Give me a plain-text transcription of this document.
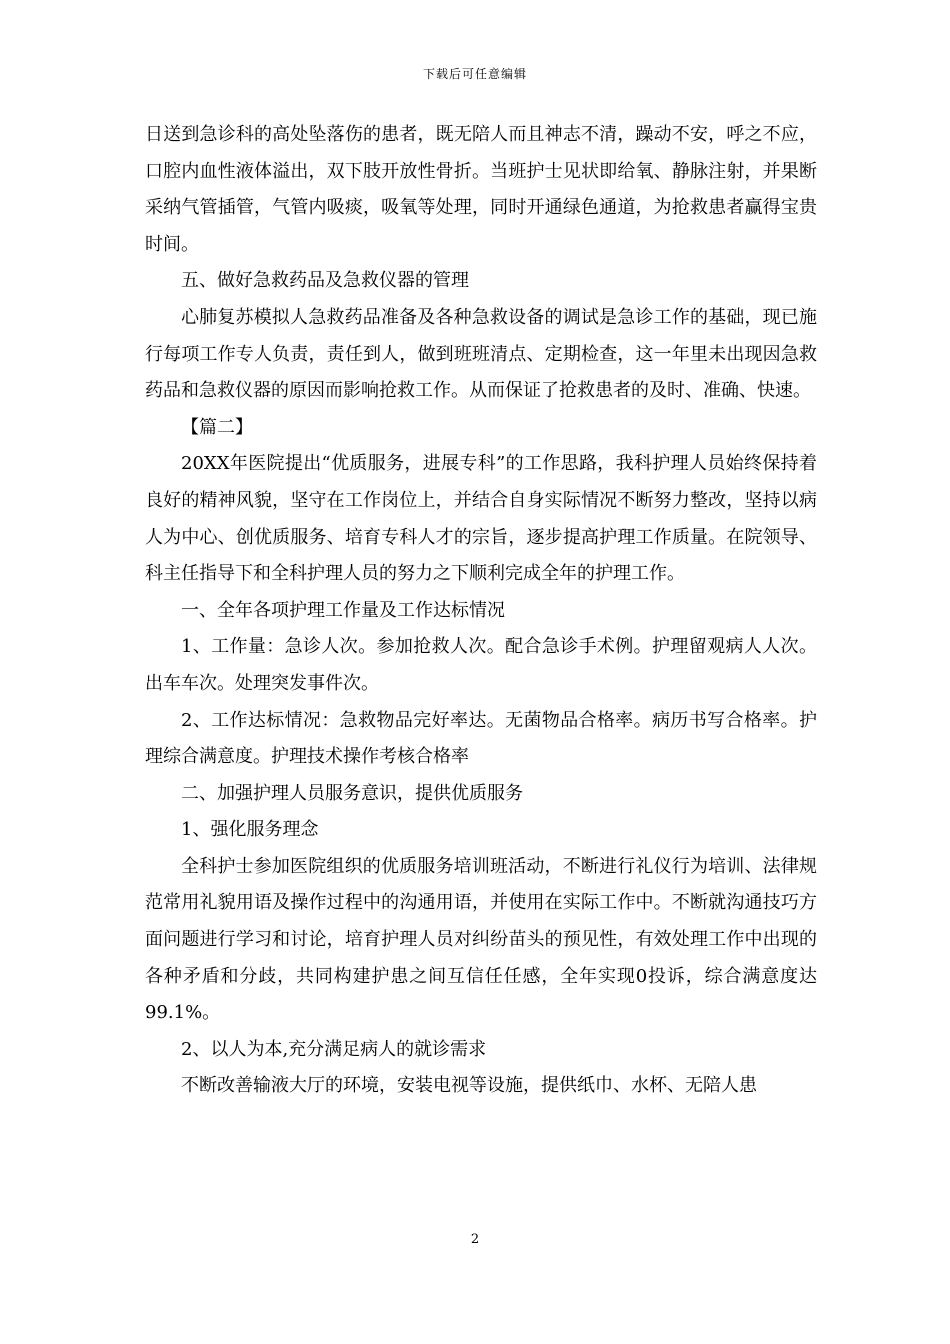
下载后可任意编辑

日送到急诊科的高处坠落伤的患者，既无陪人而且神志不清，躁动不安，呼之不应，口腔内血性液体溢出，双下肢开放性骨折。当班护士见状即给氧、静脉注射，并果断采纳气管插管，气管内吸痰，吸氧等处理，同时开通绿色通道，为抢救患者赢得宝贵时间。

五、做好急救药品及急救仪器的管理

心肺复苏模拟人急救药品准备及各种急救设备的调试是急诊工作的基础，现已施行每项工作专人负责，责任到人，做到班班清点、定期检查，这一年里未出现因急救药品和急救仪器的原因而影响抢救工作。从而保证了抢救患者的及时、准确、快速。

【篇二】

20XX年医院提出“优质服务，进展专科”的工作思路，我科护理人员始终保持着良好的精神风貌，坚守在工作岗位上，并结合自身实际情况不断努力整改，坚持以病人为中心、创优质服务、培育专科人才的宗旨，逐步提高护理工作质量。在院领导、科主任指导下和全科护理人员的努力之下顺利完成全年的护理工作。

一、全年各项护理工作量及工作达标情况

1、工作量：急诊人次。参加抢救人次。配合急诊手术例。护理留观病人人次。出车车次。处理突发事件次。

2、工作达标情况：急救物品完好率达。无菌物品合格率。病历书写合格率。护理综合满意度。护理技术操作考核合格率

二、加强护理人员服务意识，提供优质服务

1、强化服务理念

全科护士参加医院组织的优质服务培训班活动，不断进行礼仪行为培训、法律规范常用礼貌用语及操作过程中的沟通用语，并使用在实际工作中。不断就沟通技巧方面问题进行学习和讨论，培育护理人员对纠纷苗头的预见性，有效处理工作中出现的各种矛盾和分歧，共同构建护患之间互信任任感，全年实现0投诉，综合满意度达99.1%。

2、以人为本,充分满足病人的就诊需求

不断改善输液大厅的环境，安装电视等设施，提供纸巾、水杯、无陪人患

2
